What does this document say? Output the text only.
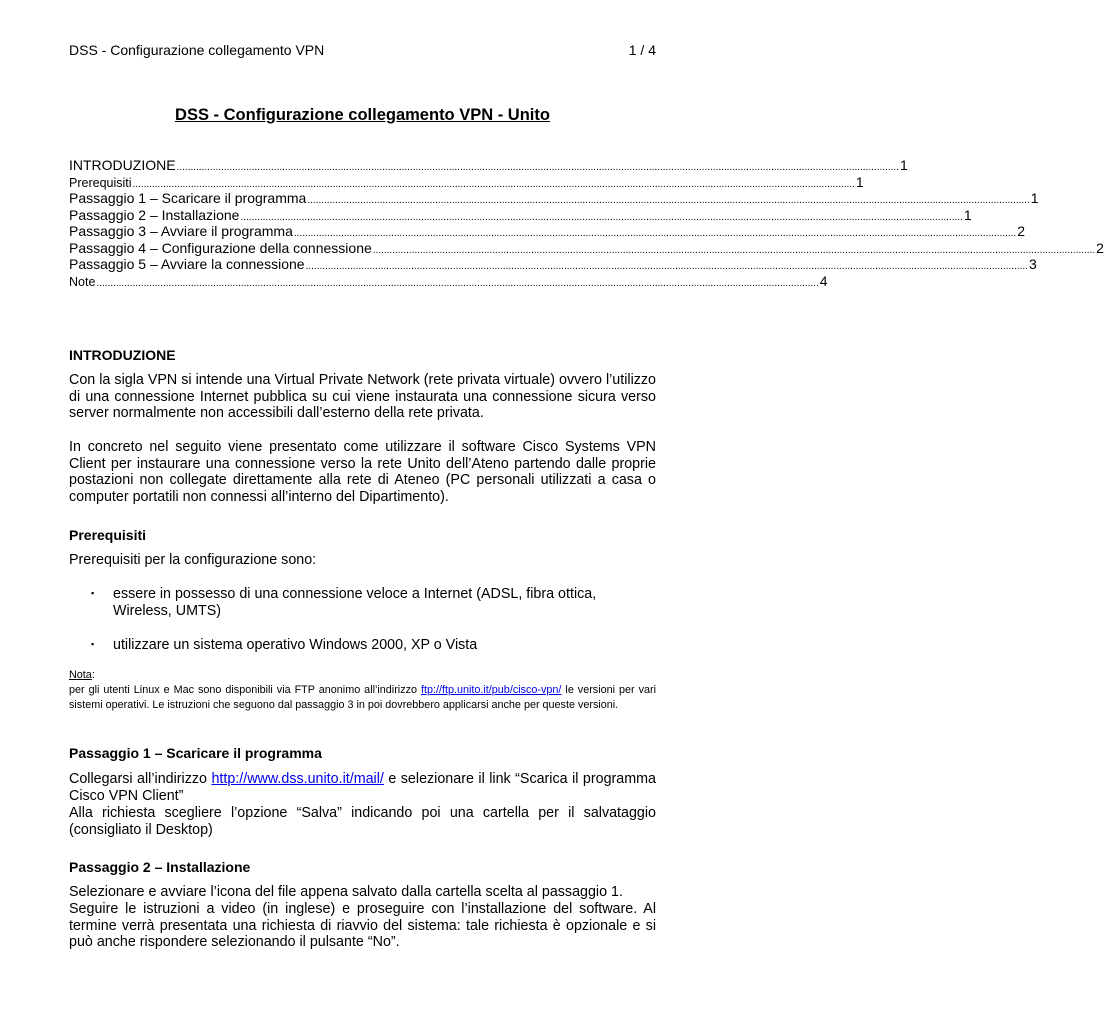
DSS - Configurazione collegamento VPN	1 / 4
DSS - Configurazione collegamento VPN - Unito
INTRODUZIONE .................................................................................................................................................................................................................................................................... 1
Prerequisiti .................................................................................................................................................................................................................................................................... 1
Passaggio 1 – Scaricare il programma .................................................................................................................................................................................................................................................................... 1
Passaggio 2 – Installazione .................................................................................................................................................................................................................................................................... 1
Passaggio 3 – Avviare il programma .................................................................................................................................................................................................................................................................... 2
Passaggio 4 – Configurazione della connessione .................................................................................................................................................................................................................................................................... 2
Passaggio 5 – Avviare la connessione .................................................................................................................................................................................................................................................................... 3
Note .................................................................................................................................................................................................................................................................... 4
INTRODUZIONE
Con la sigla VPN si intende una Virtual Private Network (rete privata virtuale) ovvero l’utilizzo di una connessione Internet pubblica su cui viene instaurata una connessione sicura verso server normalmente non accessibili dall’esterno della rete privata.
In concreto nel seguito viene presentato come utilizzare il software Cisco Systems VPN Client per instaurare una connessione verso la rete Unito dell’Ateno partendo dalle proprie postazioni non collegate direttamente alla rete di Ateneo (PC personali utilizzati a casa o computer portatili non connessi all’interno del Dipartimento).
Prerequisiti
Prerequisiti per la configurazione sono:
▪ essere in possesso di una connessione veloce a Internet (ADSL, fibra ottica, Wireless, UMTS)
▪ utilizzare un sistema operativo Windows 2000, XP o Vista
Nota:
per gli utenti Linux e Mac sono disponibili via FTP anonimo all’indirizzo ftp://ftp.unito.it/pub/cisco-vpn/ le versioni per vari sistemi operativi. Le istruzioni che seguono dal passaggio 3 in poi dovrebbero applicarsi anche per queste versioni.
Passaggio 1 – Scaricare il programma
Collegarsi all’indirizzo http://www.dss.unito.it/mail/ e selezionare il link “Scarica il programma Cisco VPN Client”
Alla richiesta scegliere l’opzione “Salva” indicando poi una cartella per il salvataggio (consigliato il Desktop)
Passaggio 2 – Installazione
Selezionare e avviare l’icona del file appena salvato dalla cartella scelta al passaggio 1.
Seguire le istruzioni a video (in inglese) e proseguire con l’installazione del software. Al termine verrà presentata una richiesta di riavvio del sistema: tale richiesta è opzionale e si può anche rispondere selezionando il pulsante “No”.
